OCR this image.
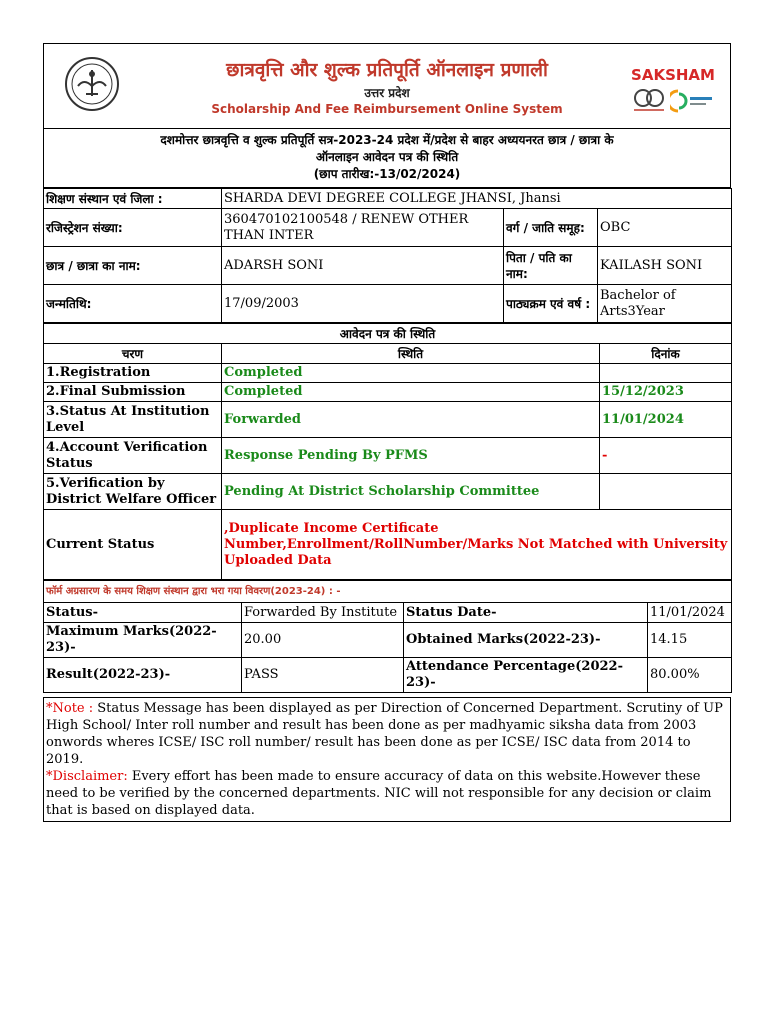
छात्रवृत्ति और शुल्क प्रतिपूर्ति ऑनलाइन प्रणाली
उत्तर प्रदेश
Scholarship And Fee Reimbursement Online System
SAKSHAM
दशमोत्तर छात्रवृत्ति व शुल्क प्रतिपूर्ति सत्र-2023-24 प्रदेश में/प्रदेश से बाहर अध्ययनरत छात्र / छात्रा के
ऑनलाइन आवेदन पत्र की स्थिति
(छाप तारीख:-13/02/2024)
शिक्षण संस्थान एवं जिला :	SHARDA DEVI DEGREE COLLEGE JHANSI, Jhansi		
रजिस्ट्रेशन संख्या:	360470102100548 / RENEW OTHER THAN INTER	वर्ग / जाति समूह:	OBC
छात्र / छात्रा का नाम:	ADARSH SONI	पिता / पति का नाम:	KAILASH SONI
जन्मतिथि:	17/09/2003	पाठ्यक्रम एवं वर्ष :	Bachelor of Arts3Year
आवेदन पत्र की स्थिति		
चरण	स्थिति	दिनांक
1.Registration	Completed	
2.Final Submission	Completed	15/12/2023
3.Status At Institution Level	Forwarded	11/01/2024
4.Account Verification Status	Response Pending By PFMS	-
5.Verification by District Welfare Officer	Pending At District Scholarship Committee	
Current Status	,Duplicate Income Certificate Number,Enrollment/RollNumber/Marks Not Matched with University Uploaded Data	
फॉर्म अग्रसारण के समय शिक्षण संस्थान द्वारा भरा गया विवरण(2023-24) : -			
Status-	Forwarded By Institute	Status Date-	11/01/2024
Maximum Marks(2022-23)-	20.00	Obtained Marks(2022-23)-	14.15
Result(2022-23)-	PASS	Attendance Percentage(2022-23)-	80.00%
*Note : Status Message has been displayed as per Direction of Concerned Department. Scrutiny of UP High School/ Inter roll number and result has been done as per madhyamic siksha data from 2003 onwords wheres ICSE/ ISC roll number/ result has been done as per ICSE/ ISC data from 2014 to 2019.
*Disclaimer: Every effort has been made to ensure accuracy of data on this website.However these need to be verified by the concerned departments. NIC will not responsible for any decision or claim that is based on displayed data.
